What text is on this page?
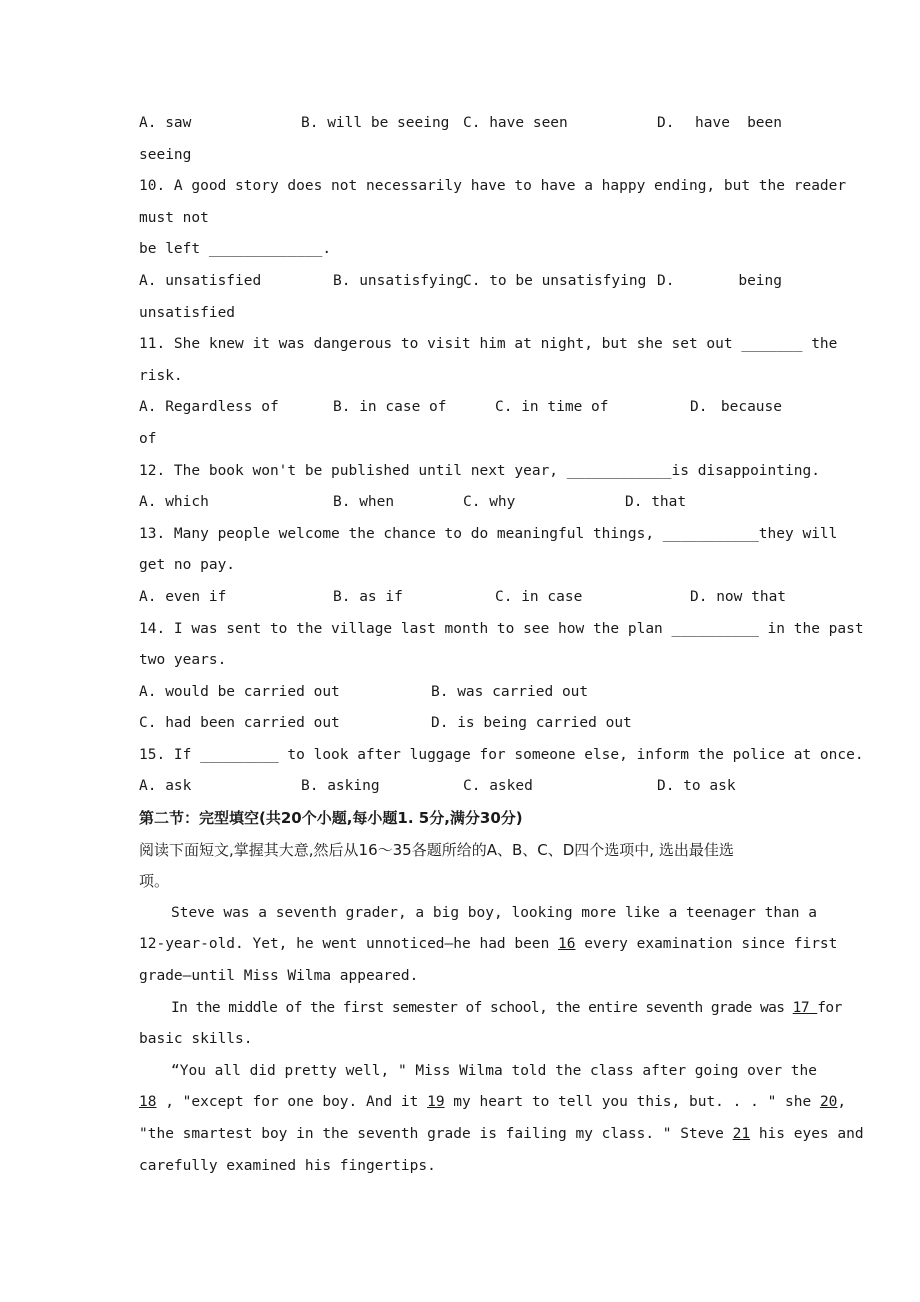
A. saw	B. will be seeing C. have seen	D. have been
seeing
10. A good story does not necessarily have to have a happy ending, but the reader
must not
be left _____________.
A. unsatisfied	B. unsatisfying C. to be unsatisfying D.	being
unsatisfied
11. She knew it was dangerous to visit him at night, but she set out _______ the
risk.
A. Regardless of	B. in case of	C. in time of	D. because
of
12. The book won't be published until next year, ____________is disappointing.
A. which	B. when	C. why	D. that
13. Many people welcome the chance to do meaningful things, ___________they will
get no pay.
A. even if	B. as if	C. in case	D. now that
14. I was sent to the village last month to see how the plan __________ in the past
two years.
A. would be carried out	B. was carried out
C. had been carried out	D. is being carried out
15. If _________ to look after luggage for someone else, inform the police at once.
A. ask	B. asking	C. asked	D. to ask
第二节：完型填空(共20个小题,每小题1. 5分,满分30分)
阅读下面短文,掌握其大意,然后从16～35各题所给的A、B、C、D四个选项中, 选出最佳选
项。
Steve was a seventh grader, a big boy, looking more like a teenager than a
12-year-old. Yet, he went unnoticed—he had been 16 every examination since first
grade—until Miss Wilma appeared.
In the middle of the first semester of school, the entire seventh grade was 17 for
basic skills.
“You all did pretty well, " Miss Wilma told the class after going over the
18 , "except for one boy. And it 19 my heart to tell you this, but. . . " she 20,
"the smartest boy in the seventh grade is failing my class. " Steve 21 his eyes and
carefully examined his fingertips.
